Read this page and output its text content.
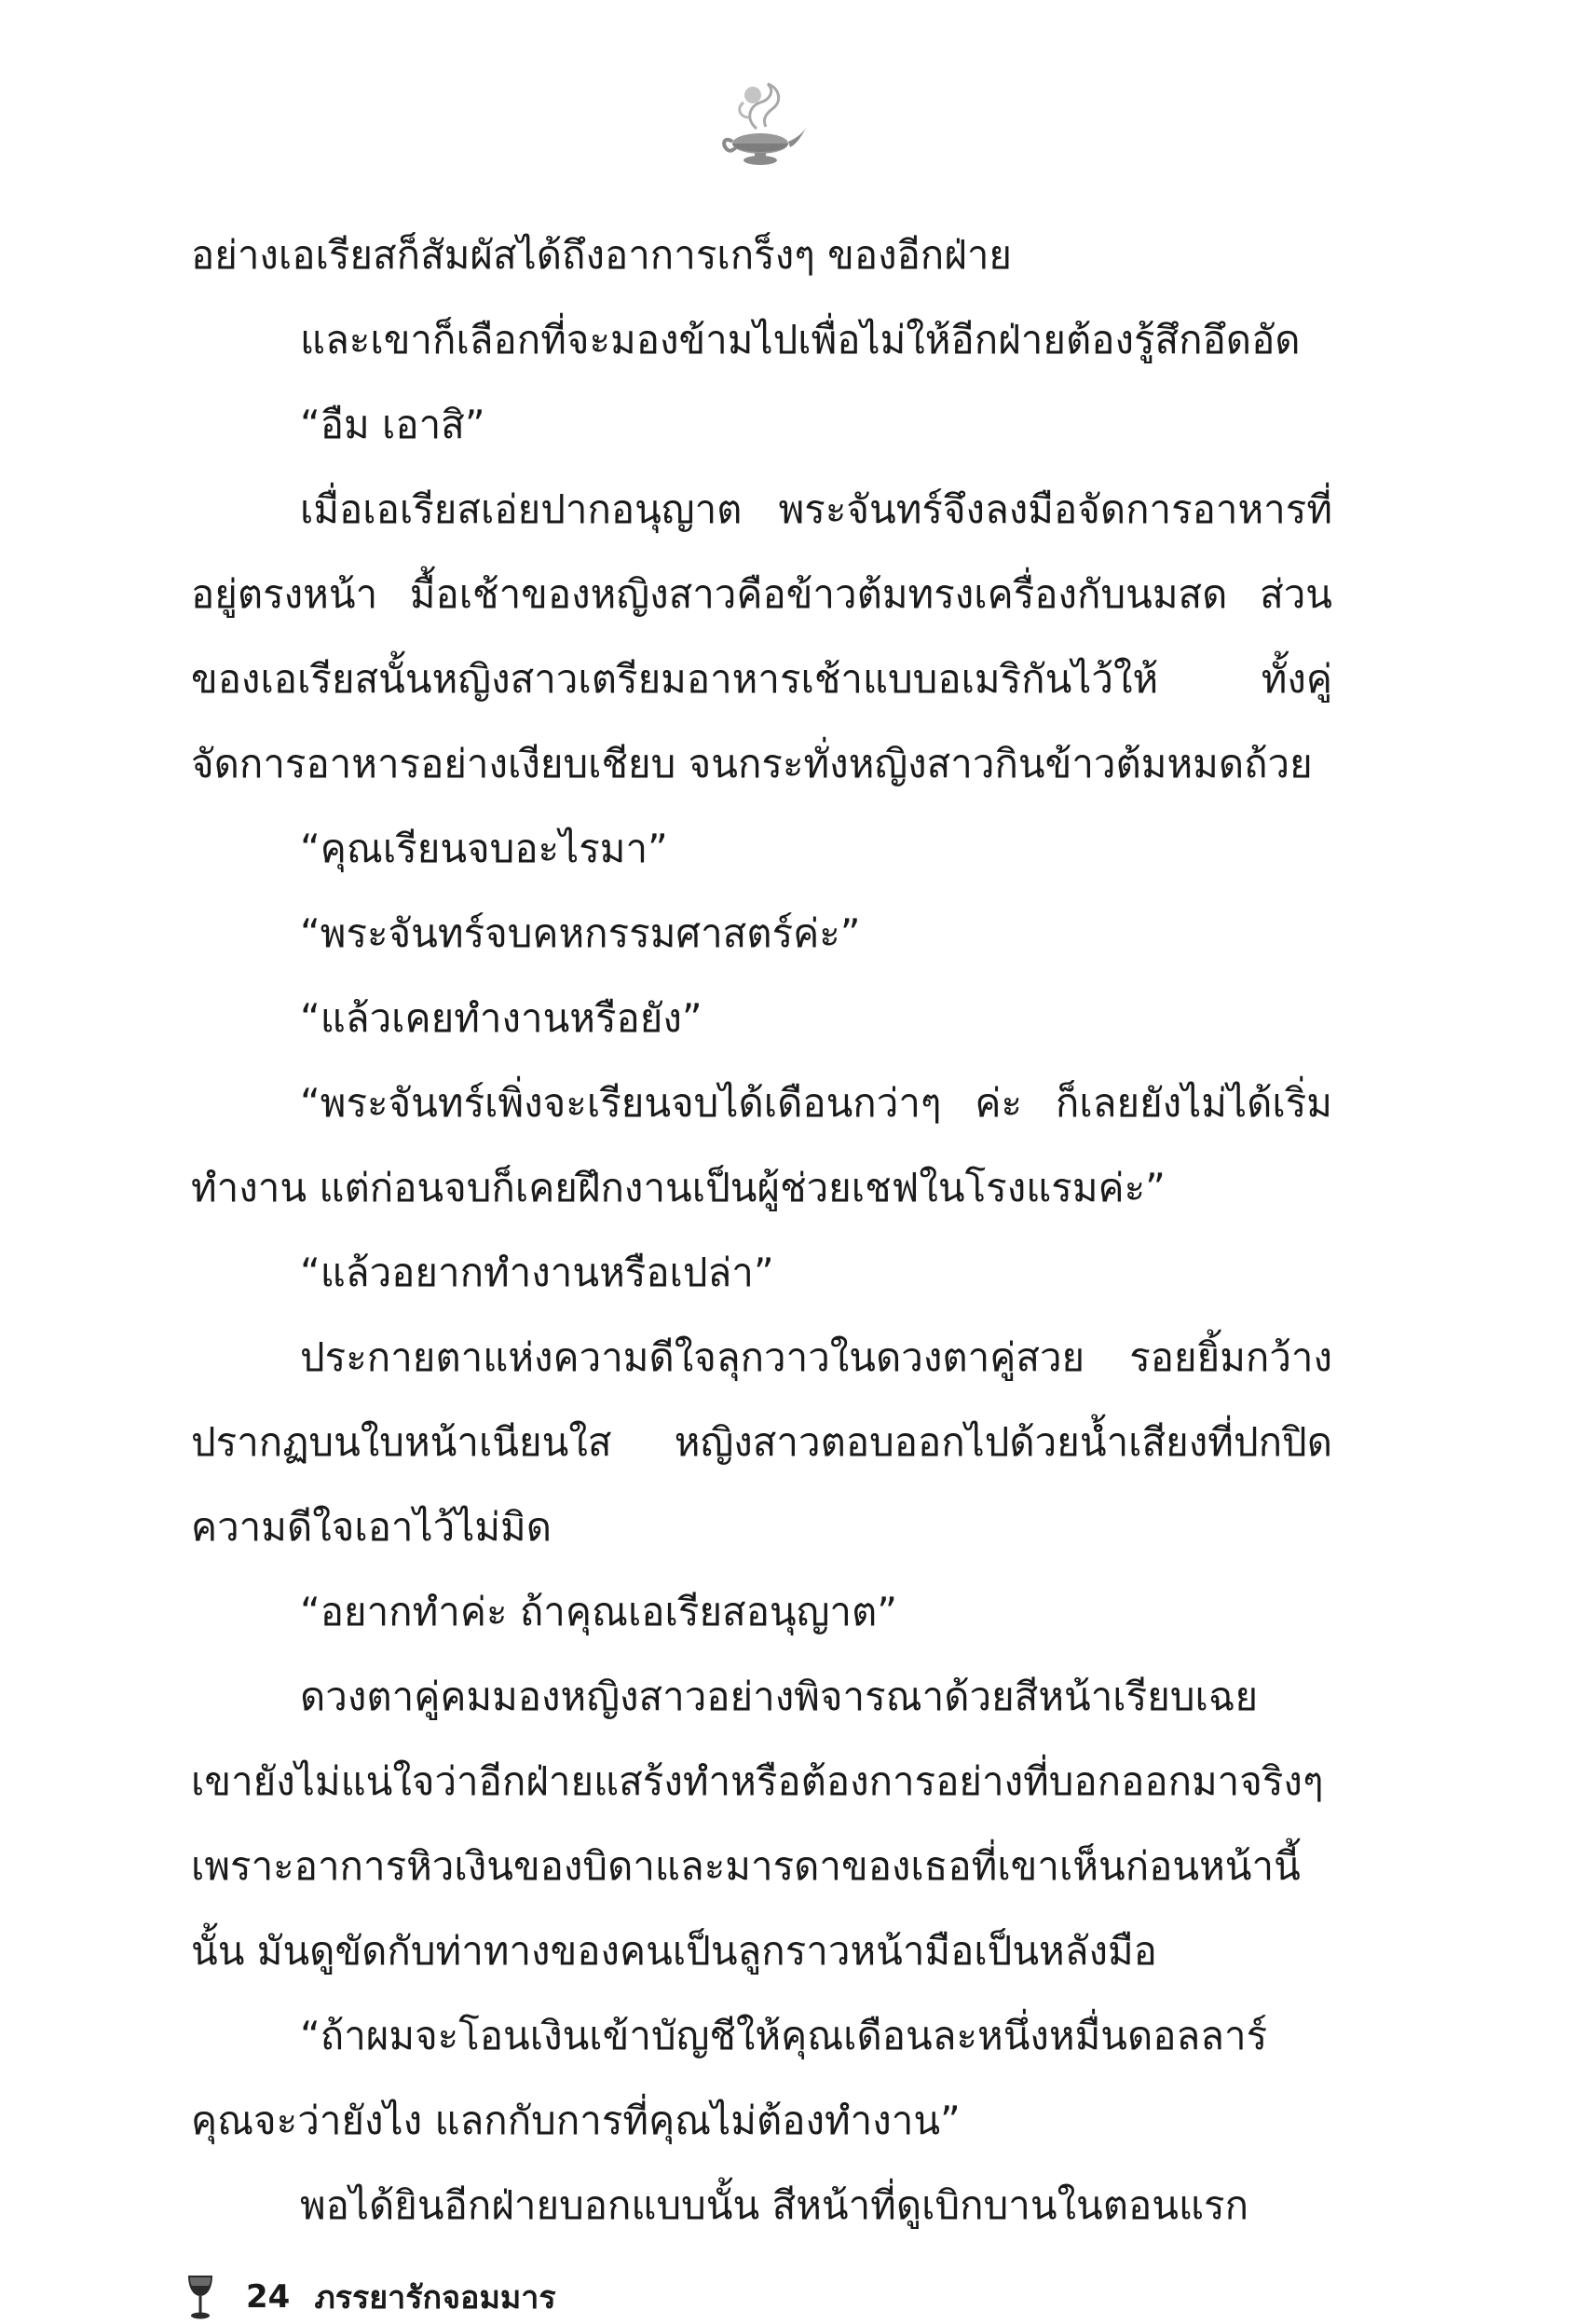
อย่างเอเรียสก็สัมผัสได้ถึงอาการเกร็งๆ ของอีกฝ่าย

และเขาก็เลือกที่จะมองข้ามไปเพื่อไม่ให้อีกฝ่ายต้องรู้สึกอึดอัด

“อืม เอาสิ”

เมื่อเอเรียสเอ่ยปากอนุญาต พระจันทร์จึงลงมือจัดการอาหารที่อยู่ตรงหน้า มื้อเช้าของหญิงสาวคือข้าวต้มทรงเครื่องกับนมสด ส่วนของเอเรียสนั้นหญิงสาวเตรียมอาหารเช้าแบบอเมริกันไว้ให้ ทั้งคู่จัดการอาหารอย่างเงียบเชียบ จนกระทั่งหญิงสาวกินข้าวต้มหมดถ้วย

“คุณเรียนจบอะไรมา”

“พระจันทร์จบคหกรรมศาสตร์ค่ะ”

“แล้วเคยทำงานหรือยัง”

“พระจันทร์เพิ่งจะเรียนจบได้เดือนกว่าๆ ค่ะ ก็เลยยังไม่ได้เริ่มทำงาน แต่ก่อนจบก็เคยฝึกงานเป็นผู้ช่วยเชฟในโรงแรมค่ะ”

“แล้วอยากทำงานหรือเปล่า”

ประกายตาแห่งความดีใจลุกวาวในดวงตาคู่สวย รอยยิ้มกว้างปรากฏบนใบหน้าเนียนใส หญิงสาวตอบออกไปด้วยน้ำเสียงที่ปกปิดความดีใจเอาไว้ไม่มิด

“อยากทำค่ะ ถ้าคุณเอเรียสอนุญาต”

ดวงตาคู่คมมองหญิงสาวอย่างพิจารณาด้วยสีหน้าเรียบเฉย เขายังไม่แน่ใจว่าอีกฝ่ายแสร้งทำหรือต้องการอย่างที่บอกออกมาจริงๆ เพราะอาการหิวเงินของบิดาและมารดาของเธอที่เขาเห็นก่อนหน้านี้นั้น มันดูขัดกับท่าทางของคนเป็นลูกราวหน้ามือเป็นหลังมือ

“ถ้าผมจะโอนเงินเข้าบัญชีให้คุณเดือนละหนึ่งหมื่นดอลลาร์ คุณจะว่ายังไง แลกกับการที่คุณไม่ต้องทำงาน”

พอได้ยินอีกฝ่ายบอกแบบนั้น สีหน้าที่ดูเบิกบานในตอนแรก

24 ภรรยารักจอมมาร
